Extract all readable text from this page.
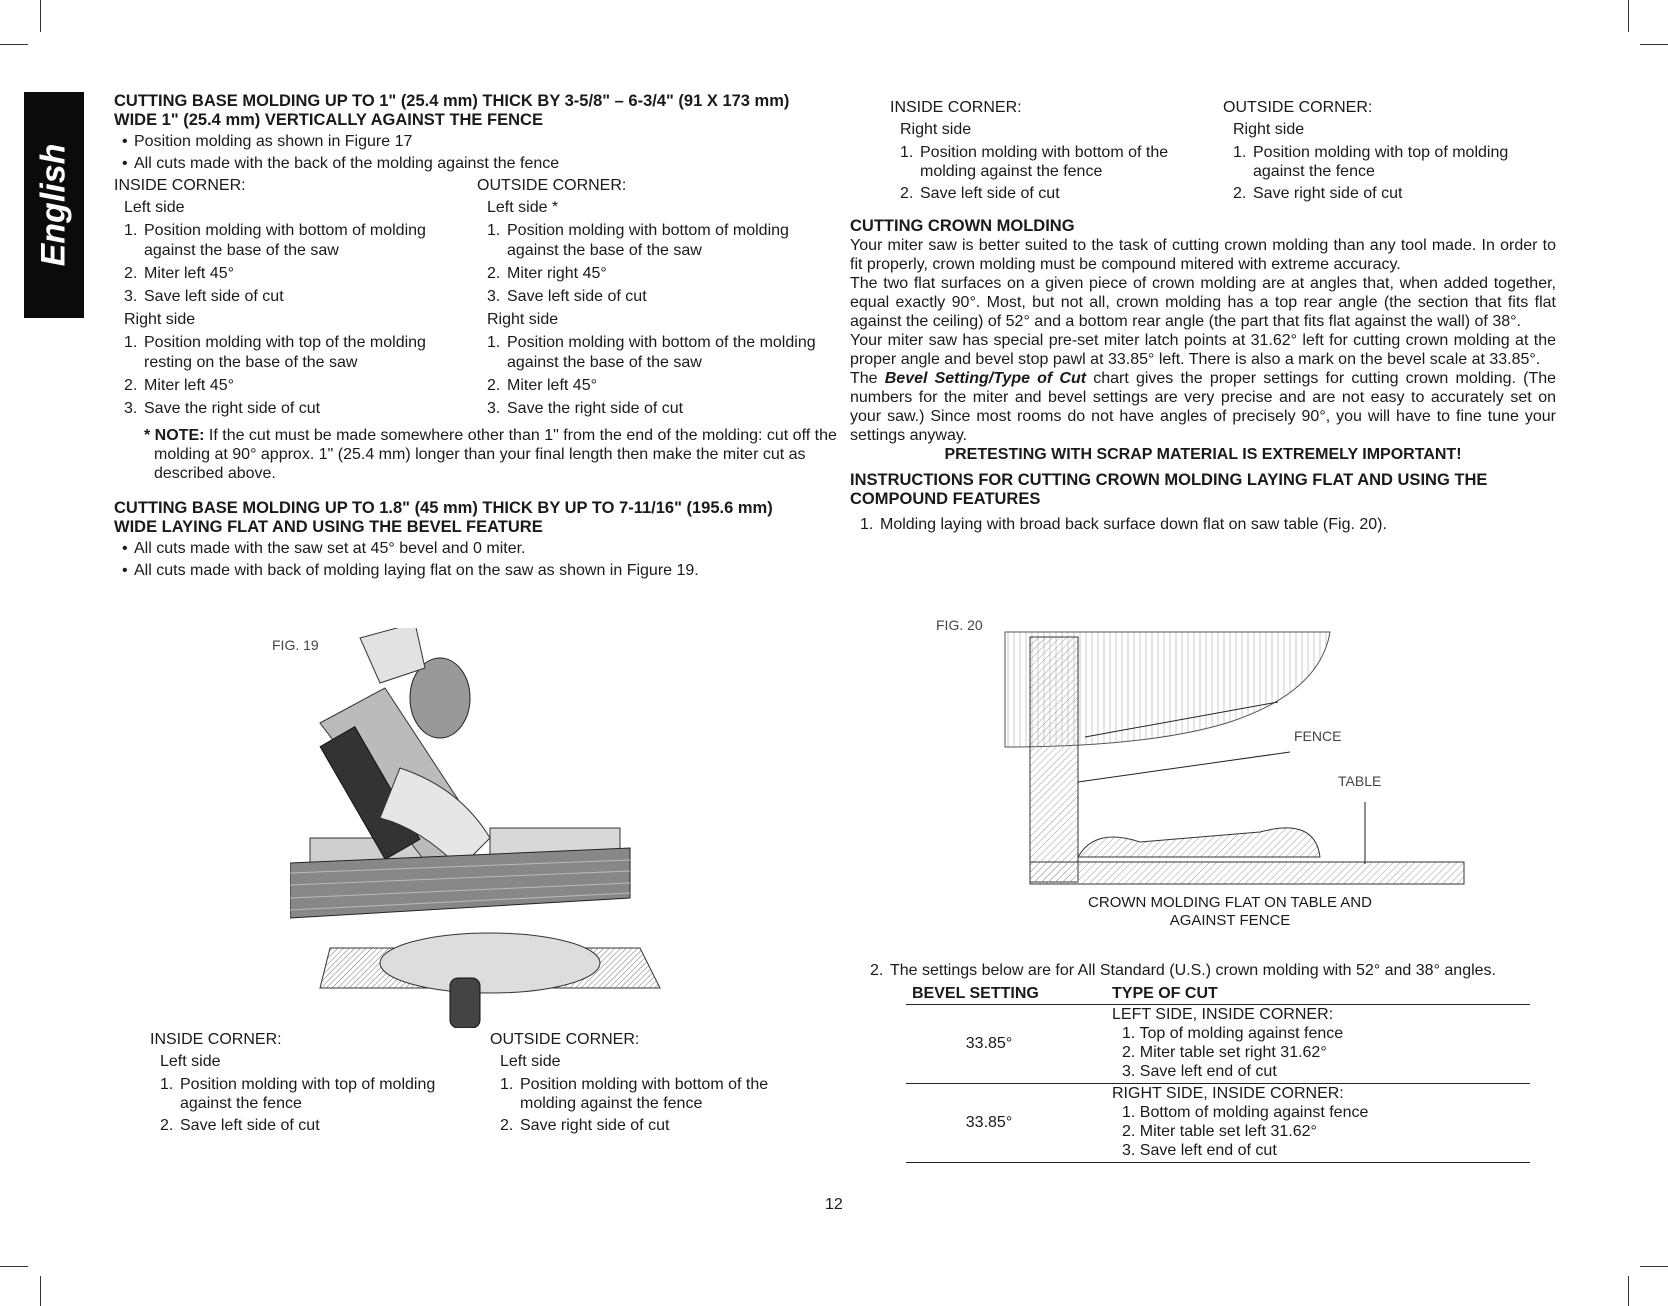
English
CUTTING BASE MOLDING UP TO 1" (25.4 mm) THICK BY 3-5/8" – 6-3/4" (91 X 173 mm) WIDE 1" (25.4 mm) VERTICALLY AGAINST THE FENCE
• Position molding as shown in Figure 17
• All cuts made with the back of the molding against the fence
INSIDE CORNER:
Left side
1. Position molding with bottom of molding against the base of the saw
2. Miter left 45°
3. Save left side of cut
Right side
1. Position molding with top of the molding resting on the base of the saw
2. Miter left 45°
3. Save the right side of cut
OUTSIDE CORNER:
Left side *
1. Position molding with bottom of molding against the base of the saw
2. Miter right 45°
3. Save left side of cut
Right side
1. Position molding with bottom of the molding against the base of the saw
2. Miter left 45°
3. Save the right side of cut
* NOTE: If the cut must be made somewhere other than 1" from the end of the molding: cut off the molding at 90° approx. 1" (25.4 mm) longer than your final length then make the miter cut as described above.
CUTTING BASE MOLDING UP TO 1.8" (45 mm) THICK BY UP TO 7-11/16" (195.6 mm) WIDE LAYING FLAT AND USING THE BEVEL FEATURE
• All cuts made with the saw set at 45° bevel and 0 miter.
• All cuts made with back of molding laying flat on the saw as shown in Figure 19.
FIG. 19
INSIDE CORNER:
Left side
1. Position molding with top of molding against the fence
2. Save left side of cut
OUTSIDE CORNER:
Left side
1. Position molding with bottom of the molding against the fence
2. Save right side of cut
INSIDE CORNER:
Right side
1. Position molding with bottom of the molding against the fence
2. Save left side of cut
OUTSIDE CORNER:
Right side
1. Position molding with top of molding against the fence
2. Save right side of cut
CUTTING CROWN MOLDING

Your miter saw is better suited to the task of cutting crown molding than any tool made. In order to fit properly, crown molding must be compound mitered with extreme accuracy.

The two flat surfaces on a given piece of crown molding are at angles that, when added together, equal exactly 90°. Most, but not all, crown molding has a top rear angle (the section that fits flat against the ceiling) of 52° and a bottom rear angle (the part that fits flat against the wall) of 38°.

Your miter saw has special pre-set miter latch points at 31.62° left for cutting crown molding at the proper angle and bevel stop pawl at 33.85° left. There is also a mark on the bevel scale at 33.85°.

The Bevel Setting/Type of Cut chart gives the proper settings for cutting crown molding. (The numbers for the miter and bevel settings are very precise and are not easy to accurately set on your saw.) Since most rooms do not have angles of precisely 90°, you will have to fine tune your settings anyway.

PRETESTING WITH SCRAP MATERIAL IS EXTREMELY IMPORTANT!
INSTRUCTIONS FOR CUTTING CROWN MOLDING LAYING FLAT AND USING THE COMPOUND FEATURES
1. Molding laying with broad back surface down flat on saw table (Fig. 20).
FIG. 20
FENCE
TABLE
CROWN MOLDING FLAT ON TABLE AND AGAINST FENCE
2. The settings below are for All Standard (U.S.) crown molding with 52° and 38° angles.
BEVEL SETTING	TYPE OF CUT
33.85°	LEFT SIDE, INSIDE CORNER:
1. Top of molding against fence
2. Miter table set right 31.62°
3. Save left end of cut

33.85°	RIGHT SIDE, INSIDE CORNER:
1. Bottom of molding against fence
2. Miter table set left 31.62°
3. Save left end of cut
12
